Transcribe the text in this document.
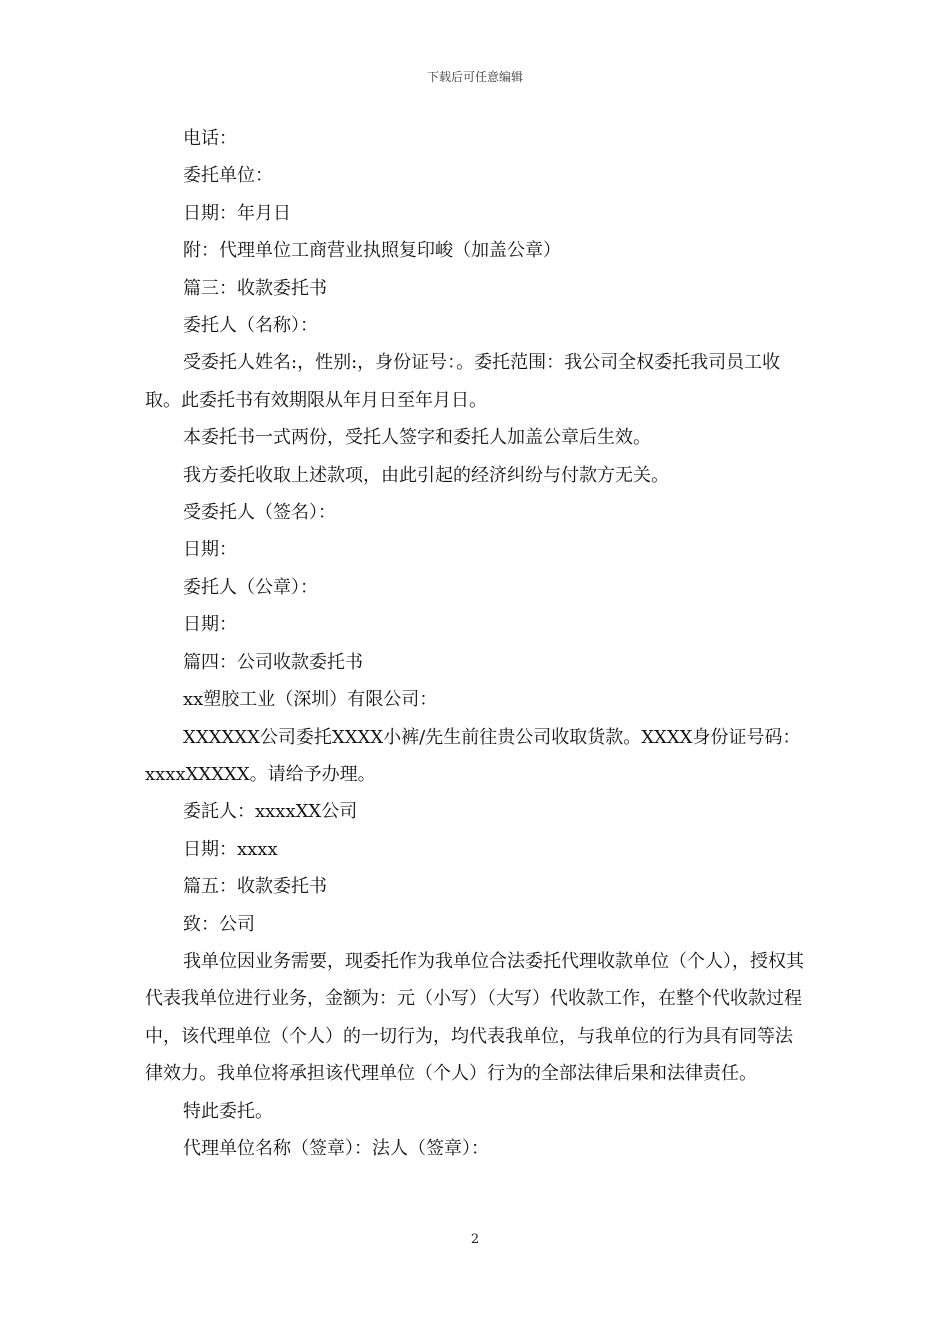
下载后可任意编辑

电话：

委托单位：

日期：年月日

附：代理单位工商营业执照复印峻（加盖公章）

篇三：收款委托书

委托人（名称）：

受委托人姓名:，性别:，身份证号：。委托范围：我公司全权委托我司员工收取。此委托书有效期限从年月日至年月日。

本委托书一式两份，受托人签字和委托人加盖公章后生效。

我方委托收取上述款项，由此引起的经济纠纷与付款方无关。

受委托人（签名）：

日期：

委托人（公章）：

日期：

篇四：公司收款委托书

xx塑胶工业（深圳）有限公司：

XXXXXX公司委托XXXX小裤/先生前往贵公司收取货款。XXXX身份证号码：xxxxXXXXX。请给予办理。

委託人：xxxxXX公司

日期：xxxx

篇五：收款委托书

致：公司

我单位因业务需要，现委托作为我单位合法委托代理收款单位（个人），授权其代表我单位进行业务，金额为：元（小写）（大写）代收款工作，在整个代收款过程中，该代理单位（个人）的一切行为，均代表我单位，与我单位的行为具有同等法律效力。我单位将承担该代理单位（个人）行为的全部法律后果和法律责任。

特此委托。

代理单位名称（签章）：法人（签章）：

2
